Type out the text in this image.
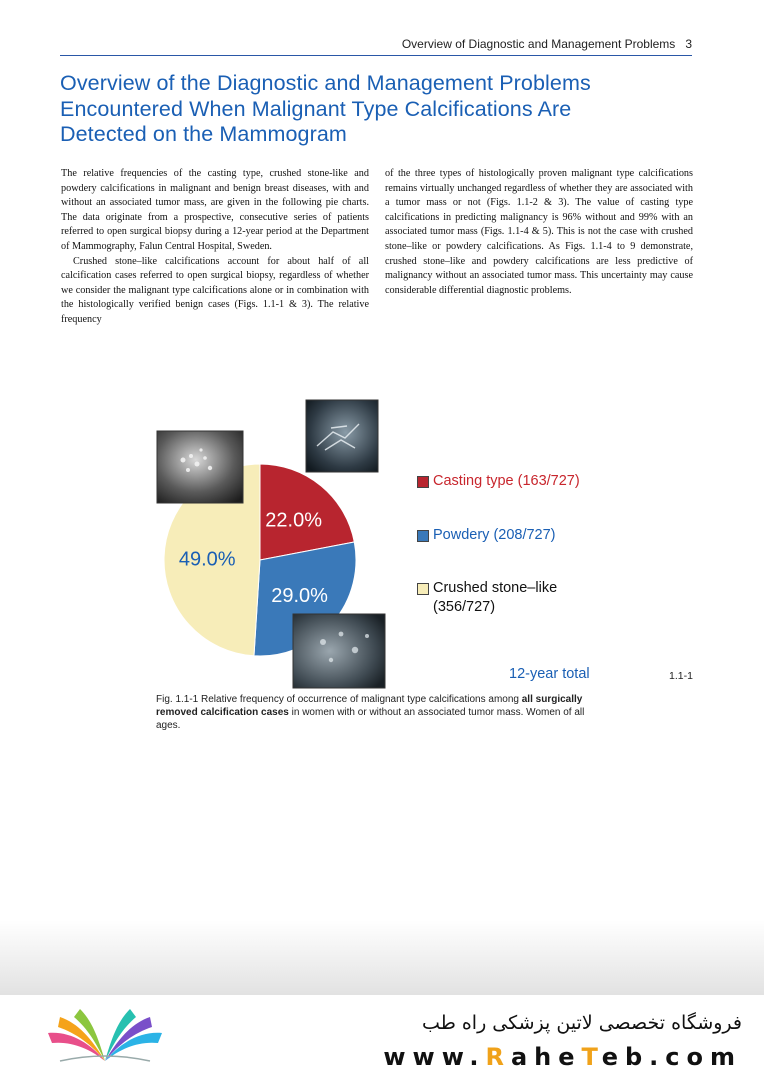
Overview of Diagnostic and Management Problems 3
Overview of the Diagnostic and Management Problems
Encountered When Malignant Type Calcifications Are
Detected on the Mammogram

The relative frequencies of the casting type, crushed stone-like and powdery calcifications in malignant and benign breast diseases, with and without an associated tumor mass, are given in the following pie charts. The data originate from a prospective, consecutive series of patients referred to open surgical biopsy during a 12-year period at the Department of Mammography, Falun Central Hospital, Sweden.

Crushed stone–like calcifications account for about half of all calcification cases referred to open surgical biopsy, regardless of whether we consider the malignant type calcifications alone or in combination with the histologically verified benign cases (Figs. 1.1-1 & 3). The relative frequency

of the three types of histologically proven malignant type calcifications remains virtually unchanged regardless of whether they are associated with a tumor mass or not (Figs. 1.1-2 & 3). The value of casting type calcifications in predicting malignancy is 96% without and 99% with an associated tumor mass (Figs. 1.1-4 & 5). This is not the case with crushed stone–like or powdery calcifications. As Figs. 1.1-4 to 9 demonstrate, crushed stone–like and powdery calcifications are less predictive of malignancy without an associated tumor mass. This uncertainty may cause considerable differential diagnostic problems.

22.0%
29.0%
49.0%
Casting type (163/727)
Powdery (208/727)
Crushed stone–like
(356/727)
12-year total	1.1-1
Fig. 1.1-1 Relative frequency of occurrence of malignant type calcifications among all surgically removed calcification cases in women with or without an associated tumor mass. Women of all ages.
فروشگاه تخصصی لاتین پزشکی راه طب
www.RaheTeb.com
